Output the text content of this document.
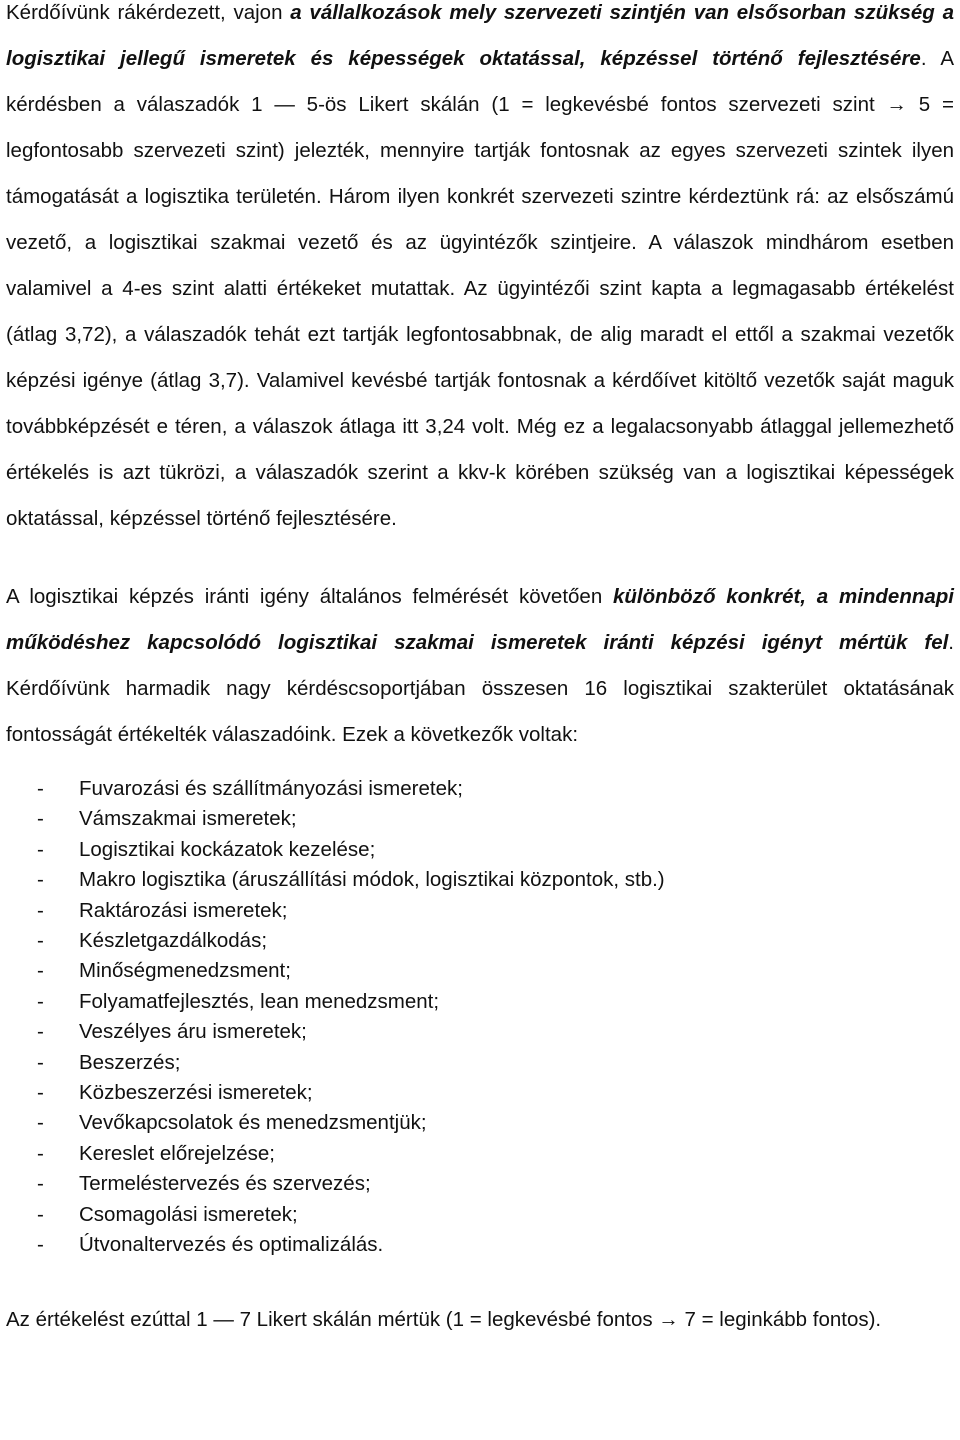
Kérdőívünk rákérdezett, vajon a vállalkozások mely szervezeti szintjén van elsősorban szükség a logisztikai jellegű ismeretek és képességek oktatással, képzéssel történő fejlesztésére. A kérdésben a válaszadók 1 ― 5-ös Likert skálán (1 = legkevésbé fontos szervezeti szint → 5 = legfontosabb szervezeti szint) jelezték, mennyire tartják fontosnak az egyes szervezeti szintek ilyen támogatását a logisztika területén. Három ilyen konkrét szervezeti szintre kérdeztünk rá: az elsőszámú vezető, a logisztikai szakmai vezető és az ügyintézők szintjeire. A válaszok mindhárom esetben valamivel a 4-es szint alatti értékeket mutattak. Az ügyintézői szint kapta a legmagasabb értékelést (átlag 3,72), a válaszadók tehát ezt tartják legfontosabbnak, de alig maradt el ettől a szakmai vezetők képzési igénye (átlag 3,7). Valamivel kevésbé tartják fontosnak a kérdőívet kitöltő vezetők saját maguk továbbképzését e téren, a válaszok átlaga itt 3,24 volt. Még ez a legalacsonyabb átlaggal jellemezhető értékelés is azt tükrözi, a válaszadók szerint a kkv-k körében szükség van a logisztikai képességek oktatással, képzéssel történő fejlesztésére.

A logisztikai képzés iránti igény általános felmérését követően különböző konkrét, a mindennapi működéshez kapcsolódó logisztikai szakmai ismeretek iránti képzési igényt mértük fel. Kérdőívünk harmadik nagy kérdéscsoportjában összesen 16 logisztikai szakterület oktatásának fontosságát értékelték válaszadóink. Ezek a következők voltak:

- Fuvarozási és szállítmányozási ismeretek;
- Vámszakmai ismeretek;
- Logisztikai kockázatok kezelése;
- Makro logisztika (áruszállítási módok, logisztikai központok, stb.)
- Raktározási ismeretek;
- Készletgazdálkodás;
- Minőségmenedzsment;
- Folyamatfejlesztés, lean menedzsment;
- Veszélyes áru ismeretek;
- Beszerzés;
- Közbeszerzési ismeretek;
- Vevőkapcsolatok és menedzsmentjük;
- Kereslet előrejelzése;
- Termeléstervezés és szervezés;
- Csomagolási ismeretek;
- Útvonaltervezés és optimalizálás.

Az értékelést ezúttal 1 ― 7 Likert skálán mértük (1 = legkevésbé fontos → 7 = leginkább fontos).
